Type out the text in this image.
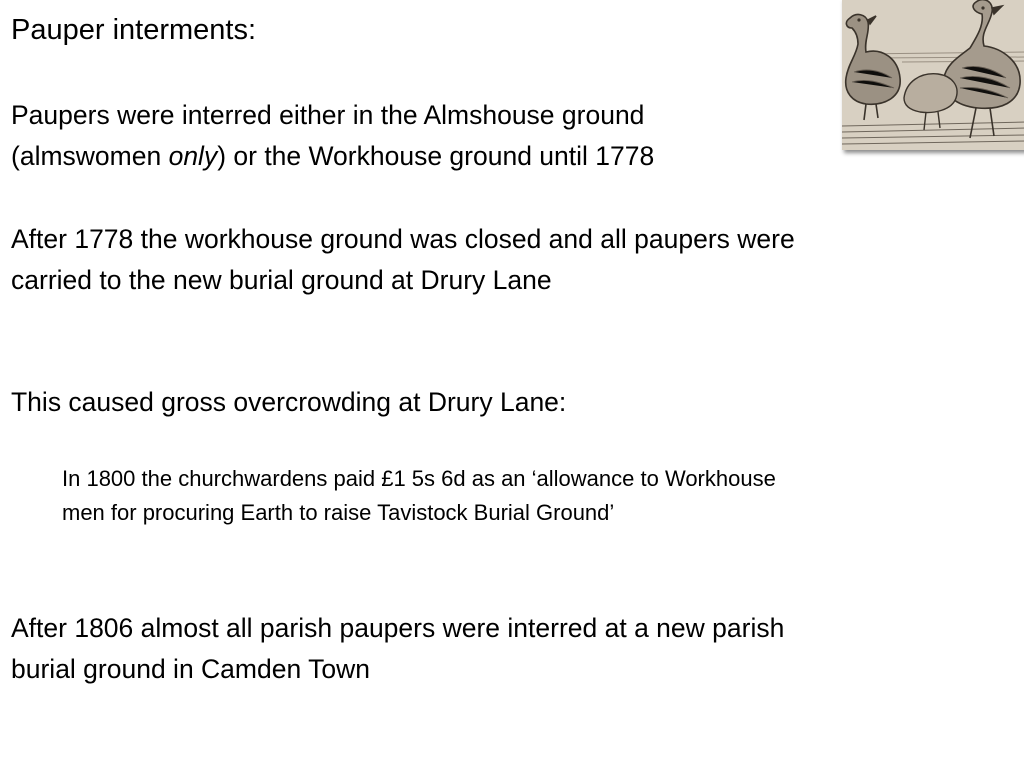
Pauper interments:

Paupers were interred either in the Almshouse ground (almswomen only) or the Workhouse ground until 1778

After 1778 the workhouse ground was closed and all paupers were carried to the new burial ground at Drury Lane

This caused gross overcrowding at Drury Lane:

In 1800 the churchwardens paid £1 5s 6d as an ‘allowance to Workhouse men for procuring Earth to raise Tavistock Burial Ground’

After 1806 almost all parish paupers were interred at a new parish burial ground in Camden Town
